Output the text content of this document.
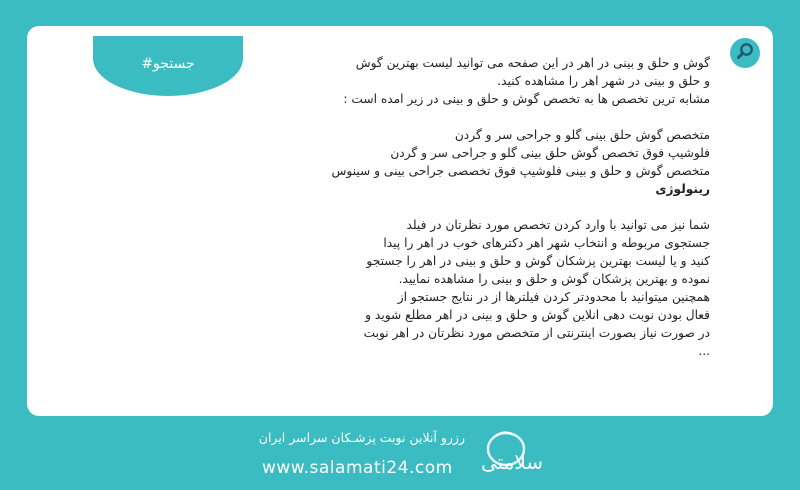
#جستجو	گوش و حلق و بینی در اهر در این صفحه می توانید لیست بهترین گوش

و حلق و بینی در شهر اهر را مشاهده کنید.

مشابه ترین تخصص ها به تخصص گوش و حلق و بینی در زیر امده است :

متخصص گوش حلق بینی گلو و جراحی سر و گردن

فلوشیپ فوق تخصص گوش حلق بینی گلو و جراحی سر و گردن

متخصص گوش و حلق و بینی فلوشیپ فوق تخصصی جراحی بینی و سینوس

رینولوژی

شما نیز می توانید با وارد کردن تخصص مورد نظرتان در فیلد

جستجوی مربوطه و انتخاب شهر اهر دکترهای خوب در اهر را پیدا

کنید و یا لیست بهترین پزشکان گوش و حلق و بینی در اهر را جستجو

نموده و بهترین پزشکان گوش و حلق و بینی را مشاهده نمایید.

همچنین میتوانید با محدودتر کردن فیلترها از در نتایج جستجو از

فعال بودن نوبت دهی انلاین گوش و حلق و بینی در اهر مطلع شوید و

در صورت نیاز بصورت اینترنتی از متخصص مورد نظرتان در اهر نوبت

...

رزرو آنلاین نوبت پزشـکان سراسر ایران
www.salamati24.com سلامتی
